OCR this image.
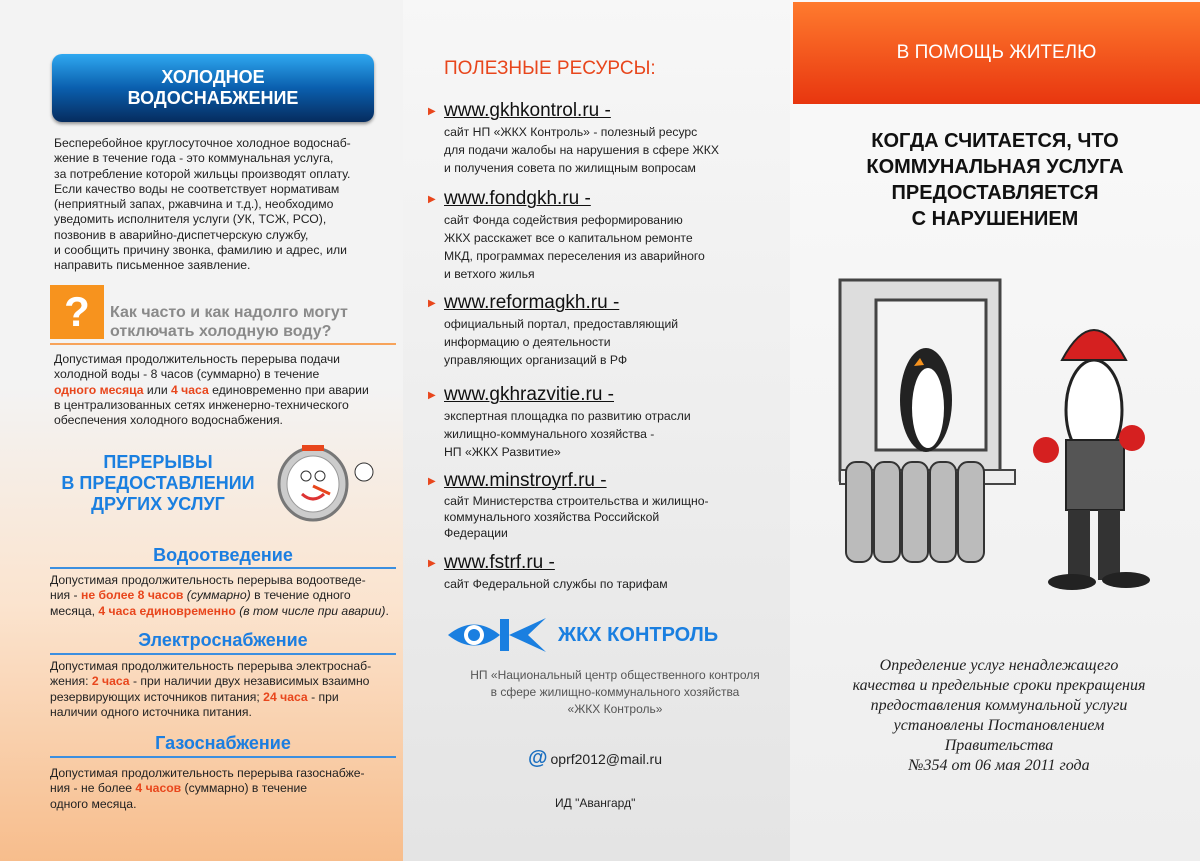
ХОЛОДНОЕ
ВОДОСНАБЖЕНИЕ
Бесперебойное круглосуточное холодное водоснаб-
жение в течение года - это коммунальная услуга,
за потребление которой жильцы производят оплату.
Если качество воды не соответствует нормативам
(неприятный запах, ржавчина и т.д.), необходимо
уведомить исполнителя услуги (УК, ТСЖ, РСО),
позвонив в аварийно-диспетчерскую службу,
и сообщить причину звонка, фамилию и адрес, или
направить письменное заявление.
?	Как часто и как надолго могут
отключать холодную воду?
Допустимая продолжительность перерыва подачи
холодной воды - 8 часов (суммарно) в течение
одного месяца или 4 часа единовременно при аварии
в централизованных сетях инженерно-технического
обеспечения холодного водоснабжения.
ПЕРЕРЫВЫ
В ПРЕДОСТАВЛЕНИИ
ДРУГИХ УСЛУГ
Водоотведение
Допустимая продолжительность перерыва водоотведе-
ния - не более 8 часов (суммарно) в течение одного
месяца, 4 часа единовременно (в том числе при аварии).
Электроснабжение
Допустимая продолжительность перерыва электроснаб-
жения: 2 часа - при наличии двух независимых взаимно
резервирующих источников питания; 24 часа - при
наличии одного источника питания.
Газоснабжение
Допустимая продолжительность перерыва газоснабже-
ния - не более 4 часов (суммарно) в течение
одного месяца.
ПОЛЕЗНЫЕ РЕСУРСЫ:
▶ www.gkhkontrol.ru -
сайт НП «ЖКХ Контроль» - полезный ресурс
для подачи жалобы на нарушения в сфере ЖКХ
и получения совета по жилищным вопросам
▶ www.fondgkh.ru -
сайт Фонда содействия реформированию
ЖКХ расскажет все о капитальном ремонте
МКД, программах переселения из аварийного
и ветхого жилья
▶ www.reformagkh.ru -
официальный портал, предоставляющий
информацию о деятельности
управляющих организаций в РФ
▶ www.gkhrazvitie.ru -
экспертная площадка по развитию отрасли
жилищно-коммунального хозяйства -
НП «ЖКХ Развитие»
▶ www.minstroyrf.ru -
сайт Министерства строительства и жилищно-
коммунального хозяйства Российской
Федерации
▶ www.fstrf.ru -
сайт Федеральной службы по тарифам
ЖКХ КОНТРОЛЬ
НП «Национальный центр общественного контроля
в сфере жилищно-коммунального хозяйства
«ЖКХ Контроль»
@ oprf2012@mail.ru
ИД "Авангард"
В ПОМОЩЬ ЖИТЕЛЮ
КОГДА СЧИТАЕТСЯ, ЧТО
КОММУНАЛЬНАЯ УСЛУГА
ПРЕДОСТАВЛЯЕТСЯ
С НАРУШЕНИЕМ
Определение услуг ненадлежащего
качества и предельные сроки прекращения
предоставления коммунальной услуги
установлены Постановлением
Правительства
№354 от 06 мая 2011 года
